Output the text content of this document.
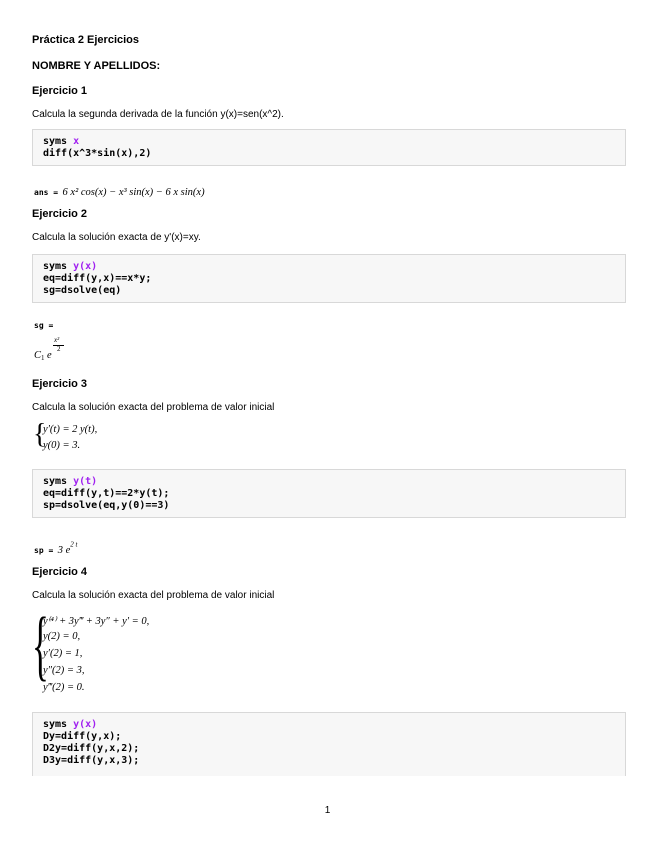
Práctica 2 Ejercicios
NOMBRE Y APELLIDOS:
Ejercicio 1
Calcula la segunda derivada de la función y(x)=sen(x^2).
syms x
diff(x^3*sin(x),2)
ans = 6 x² cos(x) − x³ sin(x) − 6 x sin(x)
Ejercicio 2
Calcula la solución exacta de y'(x)=xy.
syms y(x)
eq=diff(y,x)==x*y;
sg=dsolve(eq)
sg =
C 1 e
x²
2
Ejercicio 3
Calcula la solución exacta del problema de valor inicial
{
y'(t) = 2 y(t),
y(0) = 3.
syms y(t)
eq=diff(y,t)==2*y(t);
sp=dsolve(eq,y(0)==3)
sp = 3 $e^{2 t}$
Ejercicio 4
Calcula la solución exacta del problema de valor inicial
{
y⁽⁴⁾ + 3y‴ + 3y″ + y′ = 0,
y(2) = 0,
y′(2) = 1,
y″(2) = 3,
y‴(2) = 0.
syms y(x)
Dy=diff(y,x);
D2y=diff(y,x,2);
D3y=diff(y,x,3);
1
